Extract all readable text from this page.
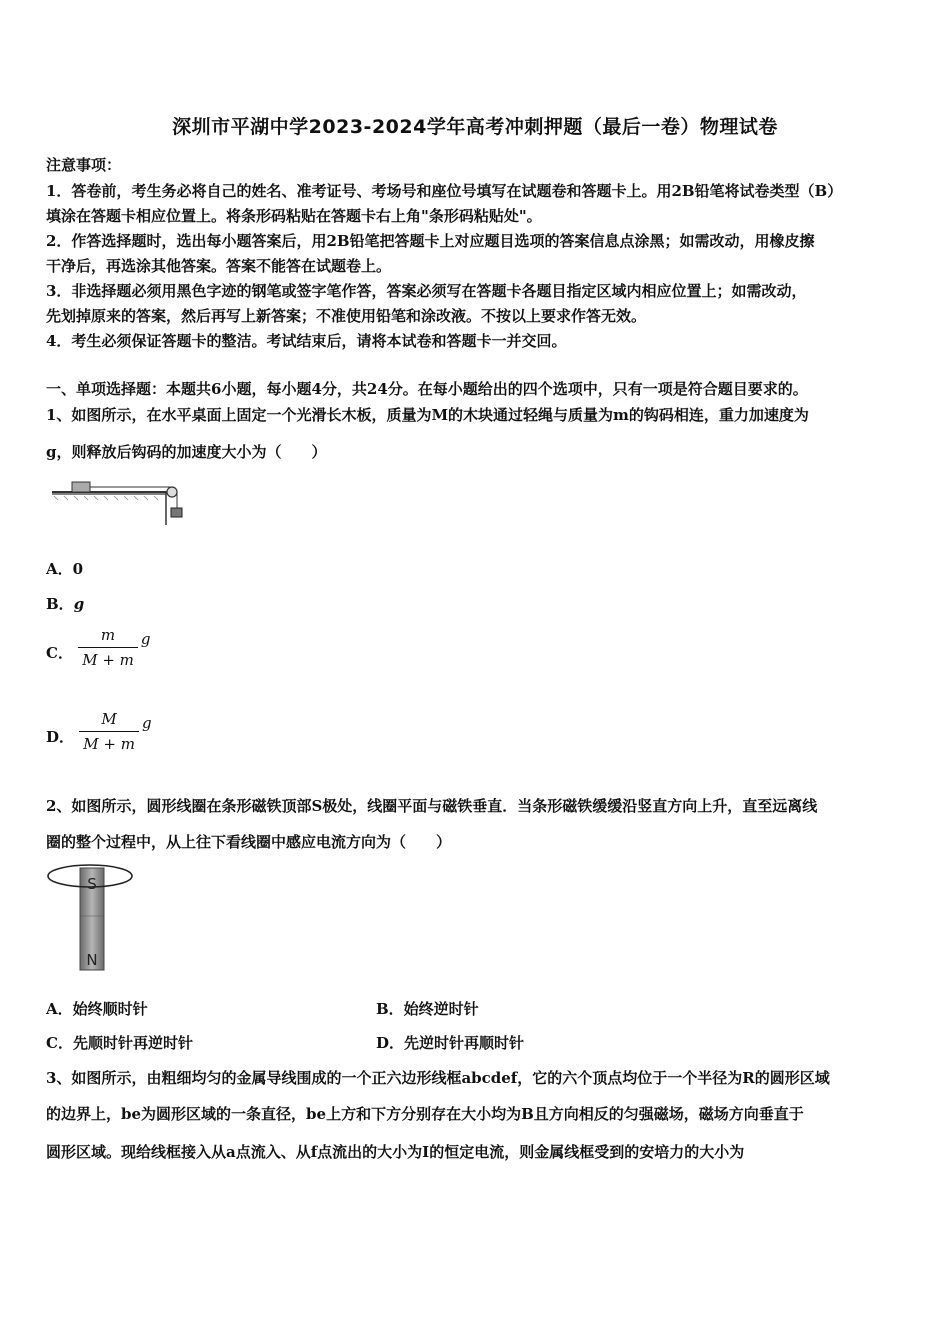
深圳市平湖中学2023-2024学年高考冲刺押题（最后一卷）物理试卷
注意事项：
1．答卷前，考生务必将自己的姓名、准考证号、考场号和座位号填写在试题卷和答题卡上。用2B铅笔将试卷类型（B）
填涂在答题卡相应位置上。将条形码粘贴在答题卡右上角"条形码粘贴处"。
2．作答选择题时，选出每小题答案后，用2B铅笔把答题卡上对应题目选项的答案信息点涂黑；如需改动，用橡皮擦
干净后，再选涂其他答案。答案不能答在试题卷上。
3．非选择题必须用黑色字迹的钢笔或签字笔作答，答案必须写在答题卡各题目指定区域内相应位置上；如需改动，
先划掉原来的答案，然后再写上新答案；不准使用铅笔和涂改液。不按以上要求作答无效。
4．考生必须保证答题卡的整洁。考试结束后，请将本试卷和答题卡一并交回。
一、单项选择题：本题共6小题，每小题4分，共24分。在每小题给出的四个选项中，只有一项是符合题目要求的。
1、如图所示，在水平桌面上固定一个光滑长木板，质量为M的木块通过轻绳与质量为m的钩码相连，重力加速度为
g，则释放后钩码的加速度大小为（　　）
A．0
B．g
C． $\frac{m}{M + m}$ g
D． $\frac{M}{M + m}$ g
2、如图所示，圆形线圈在条形磁铁顶部S极处，线圈平面与磁铁垂直．当条形磁铁缓缓沿竖直方向上升，直至远离线
圈的整个过程中，从上往下看线圈中感应电流方向为（　　）
S
N
A．始终顺时针	B．始终逆时针
C．先顺时针再逆时针	D．先逆时针再顺时针
3、如图所示，由粗细均匀的金属导线围成的一个正六边形线框abcdef，它的六个顶点均位于一个半径为R的圆形区域
的边界上，be为圆形区域的一条直径，be上方和下方分别存在大小均为B且方向相反的匀强磁场，磁场方向垂直于
圆形区域。现给线框接入从a点流入、从f点流出的大小为I的恒定电流，则金属线框受到的安培力的大小为
